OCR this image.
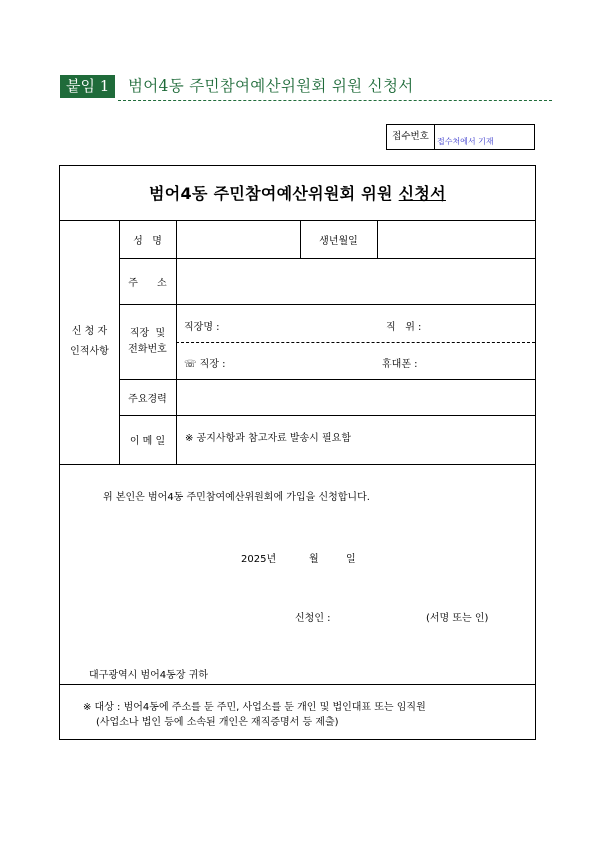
붙임 1	범어4동 주민참여예산위원회 위원 신청서
접수번호	접수처에서 기재
범어4동 주민참여예산위원회 위원 신청서
신 청 자
인적사항
성   명	생년월일
주      소
직장  및
전화번호
직장명 :	직   위 :
☏ 직장 :	휴대폰 :
주요경력
이 메 일	※ 공지사항과 참고자료 발송시 필요함
위 본인은 범어4동 주민참여예산위원회에 가입을 신청합니다.
2025년	월	일
신청인 :	(서명 또는 인)
대구광역시 범어4동장 귀하
※ 대상 : 범어4동에 주소를 둔 주민, 사업소를 둔 개인 및 법인대표 또는 임직원
(사업소나 법인 등에 소속된 개인은 재직증명서 등 제출)
